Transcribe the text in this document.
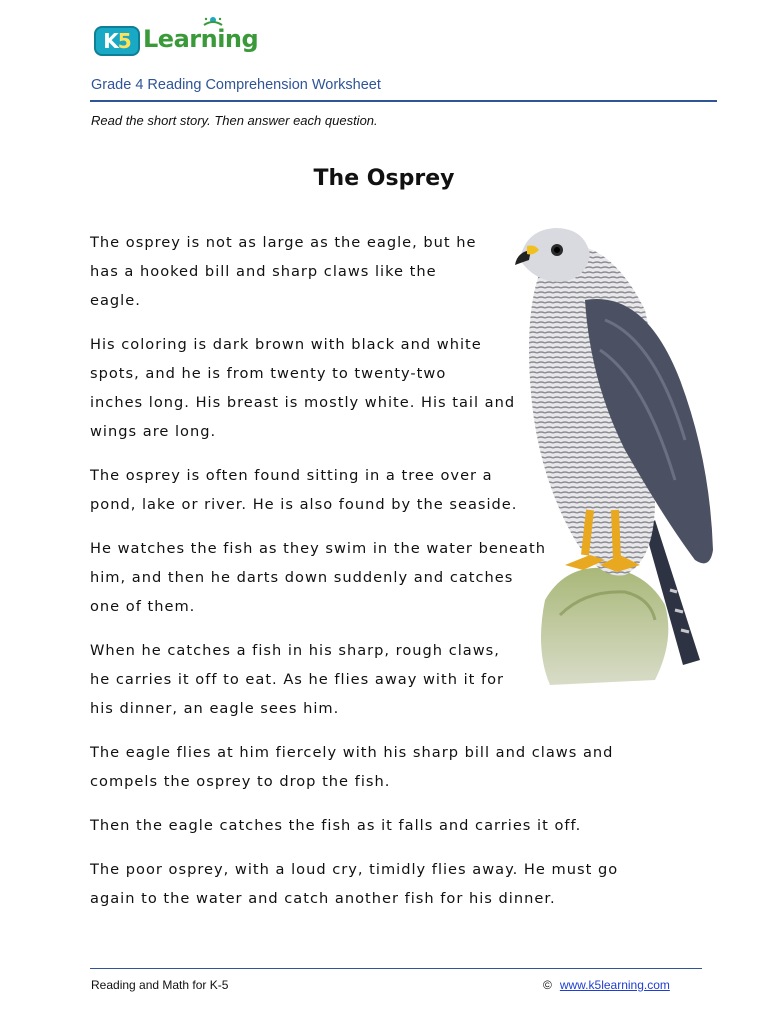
K5 Learning
Grade 4 Reading Comprehension Worksheet
Read the short story. Then answer each question.
The Osprey

The osprey is not as large as the eagle, but he
has a hooked bill and sharp claws like the
eagle.

His coloring is dark brown with black and white
spots, and he is from twenty to twenty-two
inches long. His breast is mostly white. His tail and
wings are long.

The osprey is often found sitting in a tree over a
pond, lake or river. He is also found by the seaside.

He watches the fish as they swim in the water beneath
him, and then he darts down suddenly and catches
one of them.

When he catches a fish in his sharp, rough claws,
he carries it off to eat. As he flies away with it for
his dinner, an eagle sees him.

The eagle flies at him fiercely with his sharp bill and claws and
compels the osprey to drop the fish.

Then the eagle catches the fish as it falls and carries it off.

The poor osprey, with a loud cry, timidly flies away. He must go
again to the water and catch another fish for his dinner.

Reading and Math for K-5	© www.k5learning.com
